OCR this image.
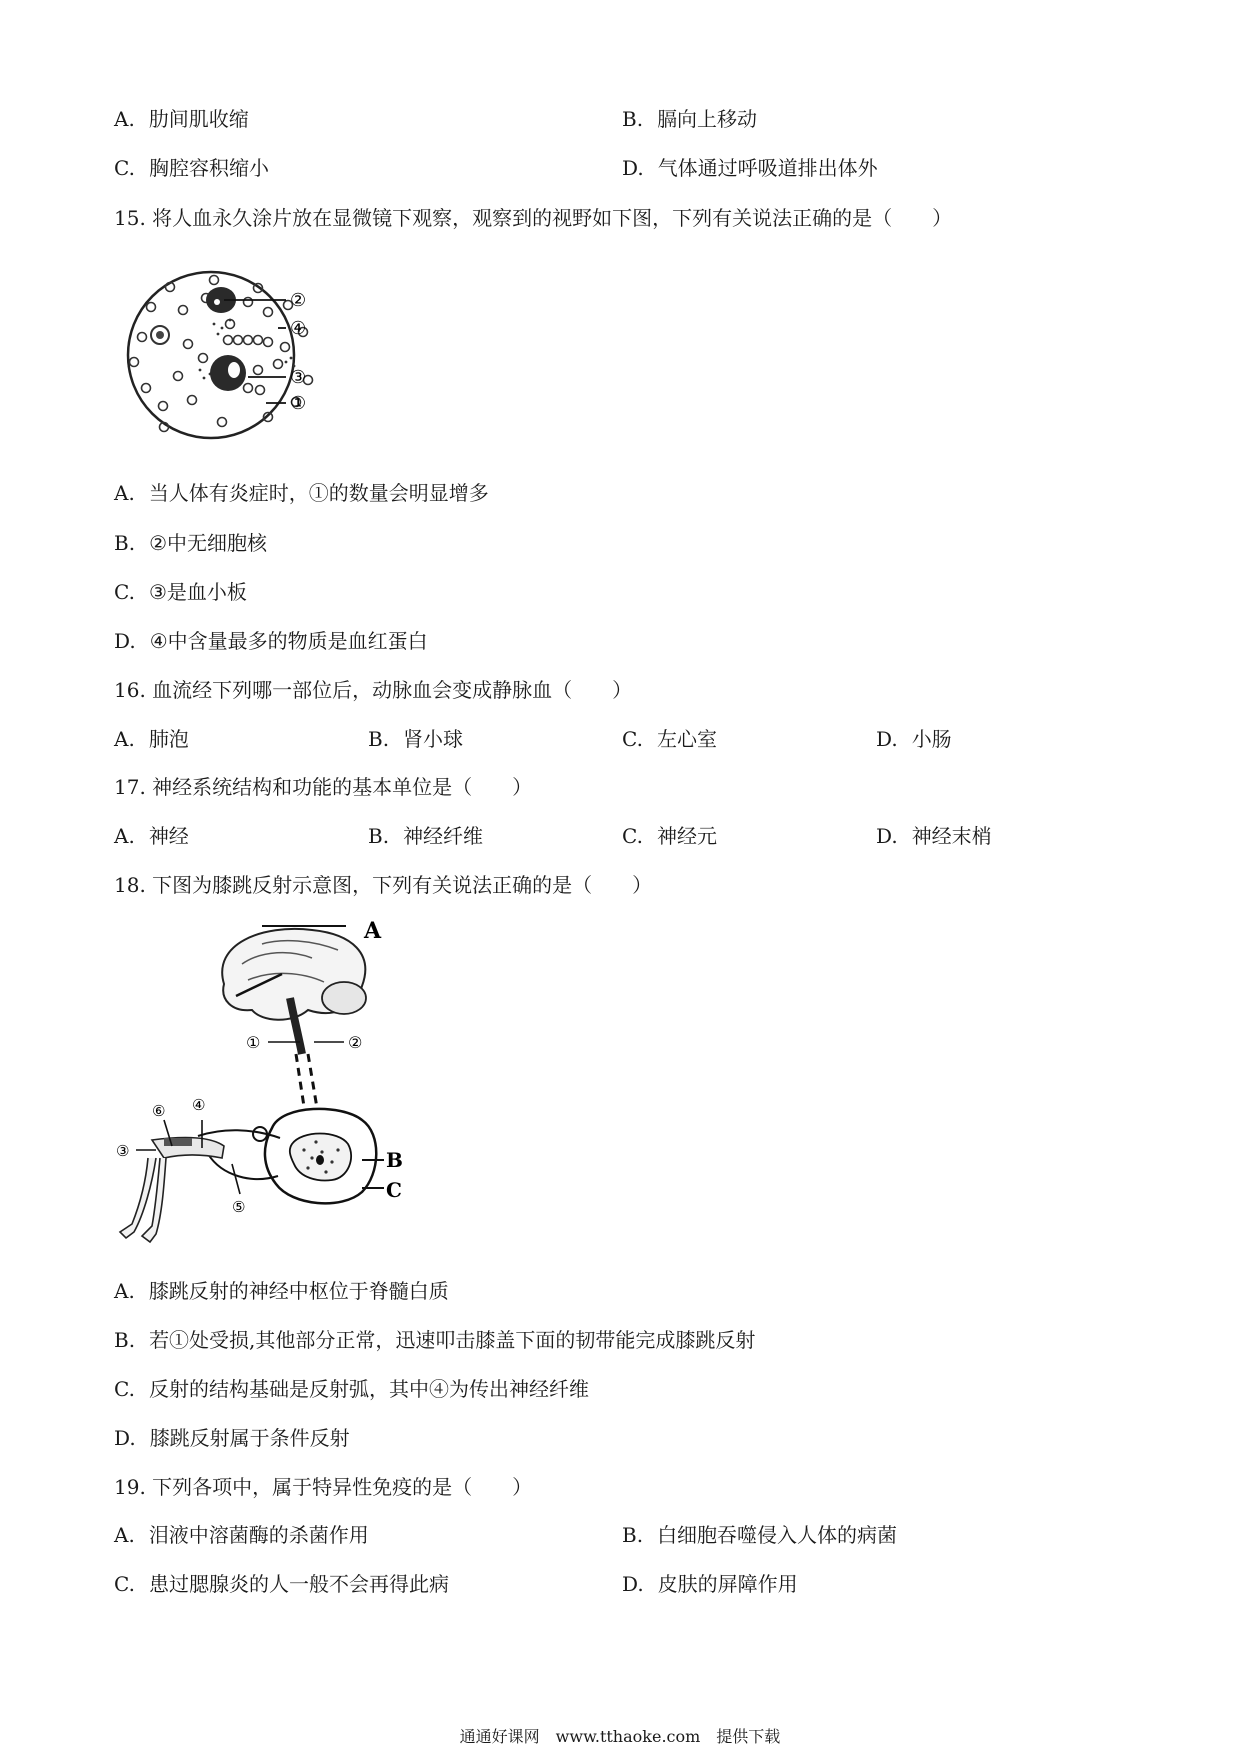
A. 肋间肌收缩	B. 膈向上移动
C. 胸腔容积缩小	D. 气体通过呼吸道排出体外
15. 将人血永久涂片放在显微镜下观察，观察到的视野如下图，下列有关说法正确的是（　　）
②
④
③
①
A. 当人体有炎症时，①的数量会明显增多
B. ②中无细胞核
C. ③是血小板
D. ④中含量最多的物质是血红蛋白
16. 血流经下列哪一部位后，动脉血会变成静脉血（　　）
A. 肺泡	B. 肾小球	C. 左心室	D. 小肠
17. 神经系统结构和功能的基本单位是（　　）
A. 神经	B. 神经纤维	C. 神经元	D. 神经末梢
18. 下图为膝跳反射示意图，下列有关说法正确的是（　　）
A
①	②
B
C
⑥ ④
③
⑤
A. 膝跳反射的神经中枢位于脊髓白质
B. 若①处受损,其他部分正常，迅速叩击膝盖下面的韧带能完成膝跳反射
C. 反射的结构基础是反射弧，其中④为传出神经纤维
D. 膝跳反射属于条件反射
19. 下列各项中，属于特异性免疫的是（　　）
A. 泪液中溶菌酶的杀菌作用	B. 白细胞吞噬侵入人体的病菌
C. 患过腮腺炎的人一般不会再得此病	D. 皮肤的屏障作用
通通好课网　www.tthaoke.com　提供下载
